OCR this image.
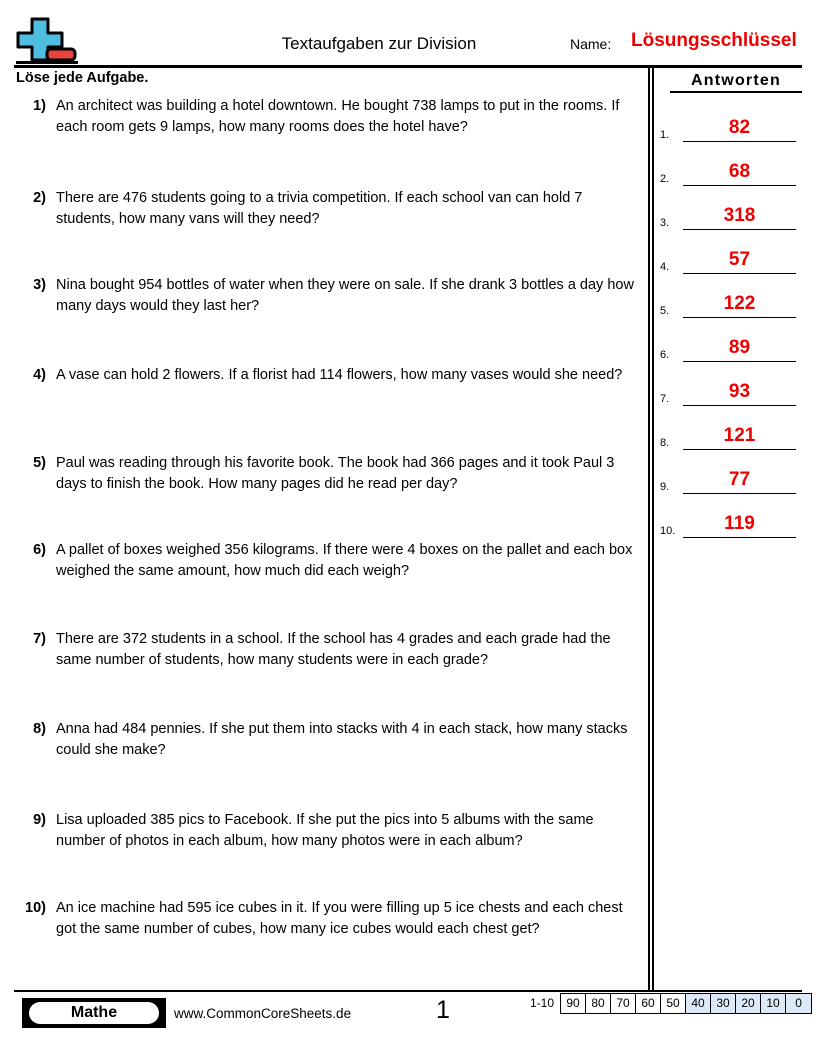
Textaufgaben zur Division	Name: Lösungsschlüssel
Löse jede Aufgabe.
1) An architect was building a hotel downtown. He bought 738 lamps to put in the rooms. If each room gets 9 lamps, how many rooms does the hotel have?
2) There are 476 students going to a trivia competition. If each school van can hold 7 students, how many vans will they need?
3) Nina bought 954 bottles of water when they were on sale. If she drank 3 bottles a day how many days would they last her?
4) A vase can hold 2 flowers. If a florist had 114 flowers, how many vases would she need?
5) Paul was reading through his favorite book. The book had 366 pages and it took Paul 3 days to finish the book. How many pages did he read per day?
6) A pallet of boxes weighed 356 kilograms. If there were 4 boxes on the pallet and each box weighed the same amount, how much did each weigh?
7) There are 372 students in a school. If the school has 4 grades and each grade had the same number of students, how many students were in each grade?
8) Anna had 484 pennies. If she put them into stacks with 4 in each stack, how many stacks could she make?
9) Lisa uploaded 385 pics to Facebook. If she put the pics into 5 albums with the same number of photos in each album, how many photos were in each album?
10) An ice machine had 595 ice cubes in it. If you were filling up 5 ice chests and each chest got the same number of cubes, how many ice cubes would each chest get?
Antworten
1.	82
2.	68
3.	318
4.	57
5.	122
6.	89
7.	93
8.	121
9.	77
10.	119
Mathe	www.CommonCoreSheets.de	1	1-10	90 80 70 60 50 40 30 20 10	0
